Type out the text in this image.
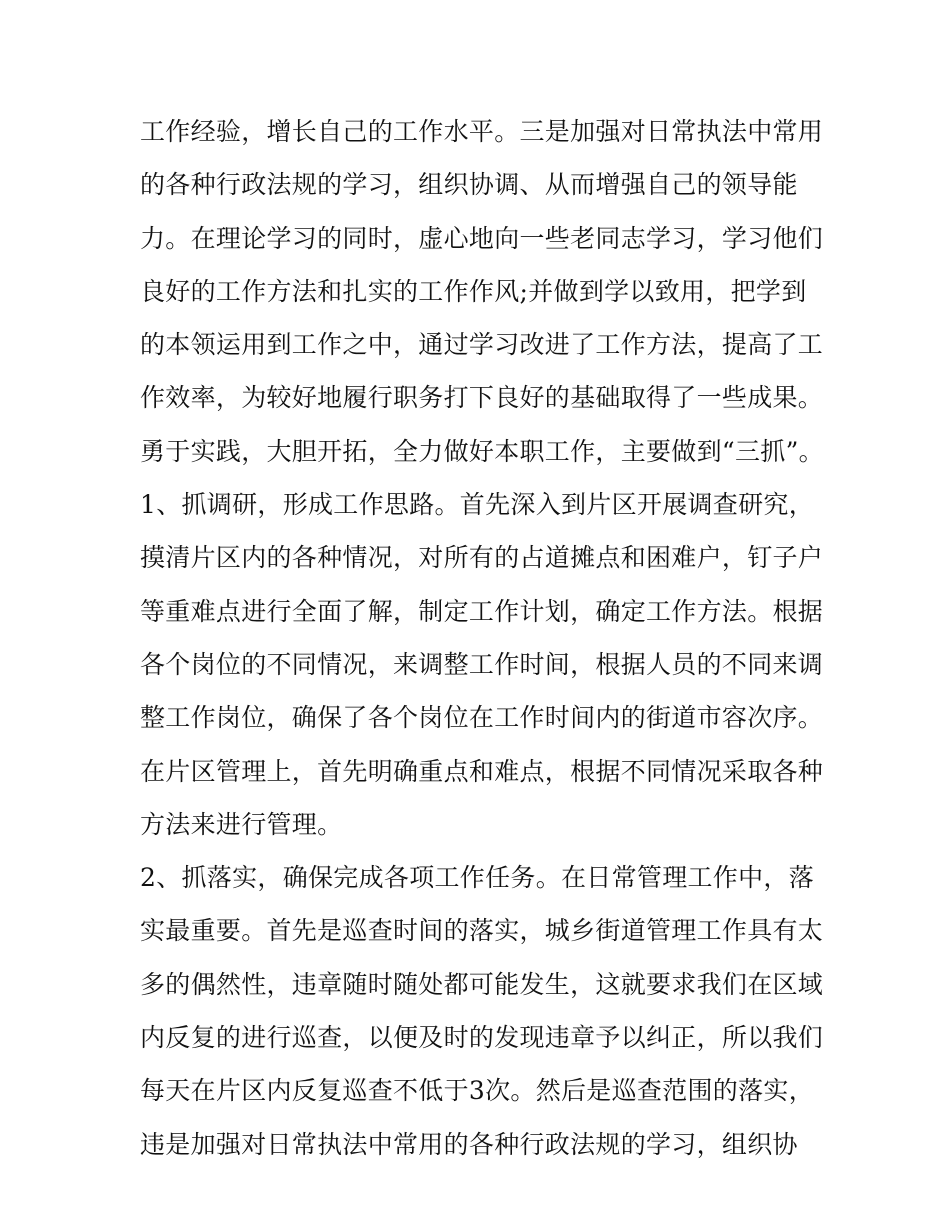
工作经验，增长自己的工作水平。三是加强对日常执法中常用
的各种行政法规的学习，组织协调、从而增强自己的领导能
力。在理论学习的同时，虚心地向一些老同志学习，学习他们
良好的工作方法和扎实的工作作风;并做到学以致用，把学到
的本领运用到工作之中，通过学习改进了工作方法，提高了工
作效率，为较好地履行职务打下良好的基础取得了一些成果。
勇于实践，大胆开拓，全力做好本职工作，主要做到“三抓”。
1、抓调研，形成工作思路。首先深入到片区开展调查研究，
摸清片区内的各种情况，对所有的占道摊点和困难户，钉子户
等重难点进行全面了解，制定工作计划，确定工作方法。根据
各个岗位的不同情况，来调整工作时间，根据人员的不同来调
整工作岗位，确保了各个岗位在工作时间内的街道市容次序。
在片区管理上，首先明确重点和难点，根据不同情况采取各种
方法来进行管理。
2、抓落实，确保完成各项工作任务。在日常管理工作中，落
实最重要。首先是巡查时间的落实，城乡街道管理工作具有太
多的偶然性，违章随时随处都可能发生，这就要求我们在区域
内反复的进行巡查，以便及时的发现违章予以纠正，所以我们
每天在片区内反复巡查不低于3次。然后是巡查范围的落实，
违是加强对日常执法中常用的各种行政法规的学习，组织协
